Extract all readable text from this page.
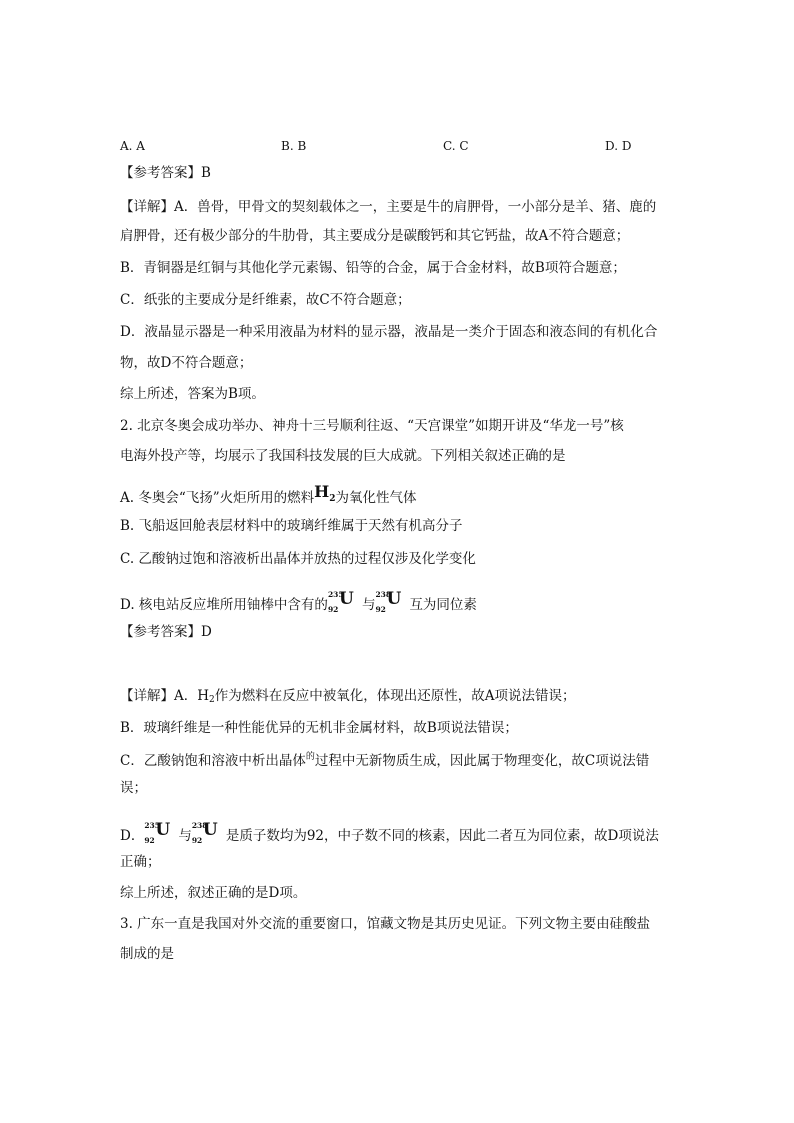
A. A	B. B	C. C	D. D
【参考答案】B
【详解】A．兽骨，甲骨文的契刻载体之一，主要是牛的肩胛骨，一小部分是羊、猪、鹿的
肩胛骨，还有极少部分的牛肋骨，其主要成分是碳酸钙和其它钙盐，故A不符合题意；
B．青铜器是红铜与其他化学元素锡、铅等的合金，属于合金材料，故B项符合题意；
C．纸张的主要成分是纤维素，故C不符合题意；
D．液晶显示器是一种采用液晶为材料的显示器，液晶是一类介于固态和液态间的有机化合
物，故D不符合题意；
综上所述，答案为B项。
2. 北京冬奥会成功举办、神舟十三号顺利往返、“天宫课堂”如期开讲及“华龙一号”核
电海外投产等，均展示了我国科技发展的巨大成就。下列相关叙述正确的是
A. 冬奥会“飞扬”火炬所用的燃料$H_2$为氧化性气体
B. 飞船返回舱表层材料中的玻璃纤维属于天然有机高分子
C. 乙酸钠过饱和溶液析出晶体并放热的过程仅涉及化学变化
D. 核电站反应堆所用铀棒中含有的
235
92
U 与
238
92
U 互为同位素
【参考答案】D
【详解】A．$H_2$作为燃料在反应中被氧化，体现出还原性，故A项说法错误；
B．玻璃纤维是一种性能优异的无机非金属材料，故B项说法错误；
C．乙酸钠饱和溶液中析出晶体$^的$过程中无新物质生成，因此属于物理变化，故C项说法错
误；
D．
235
92
U 与
238
92
U 是质子数均为92，中子数不同的核素，因此二者互为同位素，故D项说法
正确；
综上所述，叙述正确的是D项。
3. 广东一直是我国对外交流的重要窗口，馆藏文物是其历史见证。下列文物主要由硅酸盐
制成的是
